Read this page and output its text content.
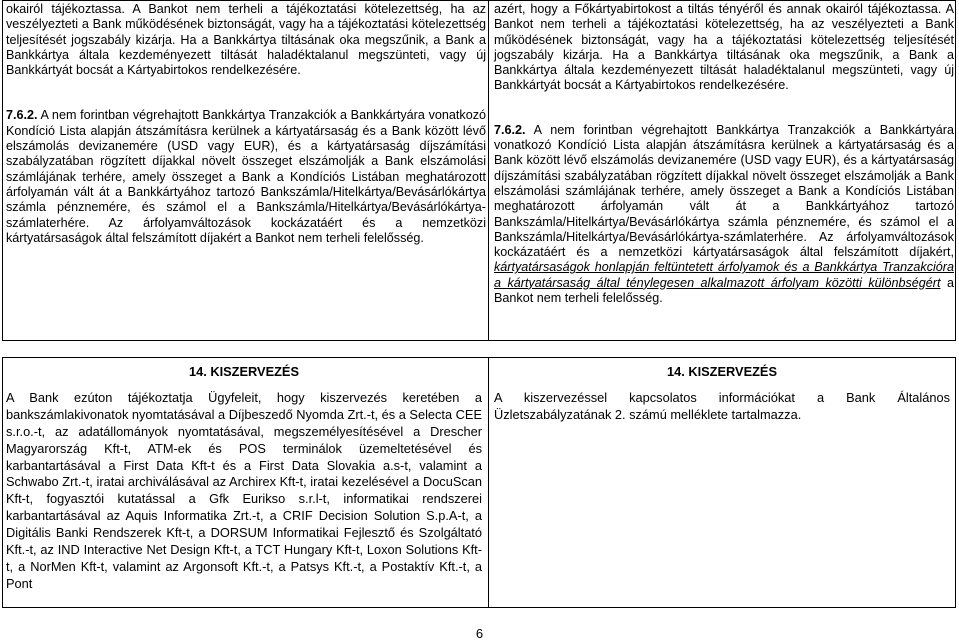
okairól tájékoztassa. A Bankot nem terheli a tájékoztatási kötelezettség, ha az veszélyezteti a Bank működésének biztonságát, vagy ha a tájékoztatási kötelezettség teljesítését jogszabály kizárja. Ha a Bankkártya tiltásának oka megszűnik, a Bank a Bankkártya általa kezdeményezett tiltását haladéktalanul megszünteti, vagy új Bankkártyát bocsát a Kártyabirtokos rendelkezésére.

7.6.2. A nem forintban végrehajtott Bankkártya Tranzakciók a Bankkártyára vonatkozó Kondíció Lista alapján átszámításra kerülnek a kártyatársaság és a Bank között lévő elszámolás devizanemére (USD vagy EUR), és a kártyatársaság díjszámítási szabályzatában rögzített díjakkal növelt összeget elszámolják a Bank elszámolási számlájának terhére, amely összeget a Bank a Kondíciós Listában meghatározott árfolyamán vált át a Bankkártyához tartozó Bankszámla/Hitelkártya/Bevásárlókártya számla pénznemére, és számol el a Bankszámla/Hitelkártya/Bevásárlókártya- számlaterhére. Az árfolyamváltozások kockázatáért és a nemzetközi kártyatársaságok által felszámított díjakért a Bankot nem terheli felelősség.

azért, hogy a Főkártyabirtokost a tiltás tényéről és annak okairól tájékoztassa. A Bankot nem terheli a tájékoztatási kötelezettség, ha az veszélyezteti a Bank működésének biztonságát, vagy ha a tájékoztatási kötelezettség teljesítését jogszabály kizárja. Ha a Bankkártya tiltásának oka megszűnik, a Bank a Bankkártya általa kezdeményezett tiltását haladéktalanul megszünteti, vagy új Bankkártyát bocsát a Kártyabirtokos rendelkezésére.

7.6.2. A nem forintban végrehajtott Bankkártya Tranzakciók a Bankkártyára vonatkozó Kondíció Lista alapján átszámításra kerülnek a kártyatársaság és a Bank között lévő elszámolás devizanemére (USD vagy EUR), és a kártyatársaság díjszámítási szabályzatában rögzített díjakkal növelt összeget elszámolják a Bank elszámolási számlájának terhére, amely összeget a Bank a Kondíciós Listában meghatározott árfolyamán vált át a Bankkártyához tartozó Bankszámla/Hitelkártya/Bevásárlókártya számla pénznemére, és számol el a Bankszámla/Hitelkártya/Bevásárlókártya-számlaterhére. Az árfolyamváltozások kockázatáért és a nemzetközi kártyatársaságok által felszámított díjakért, kártyatársaságok honlapján feltüntetett árfolyamok és a Bankkártya Tranzakcióra a kártyatársaság által ténylegesen alkalmazott árfolyam közötti különbségért a Bankot nem terheli felelősség.

14. KISZERVEZÉS

A Bank ezúton tájékoztatja Ügyfeleit, hogy kiszervezés keretében a bankszámlakivonatok nyomtatásával a Díjbeszedő Nyomda Zrt.-t, és a Selecta CEE s.r.o.-t, az adatállományok nyomtatásával, megszemélyesítésével a Drescher Magyarország Kft-t, ATM-ek és POS terminálok üzemeltetésével és karbantartásával a First Data Kft-t és a First Data Slovakia a.s-t, valamint a Schwabo Zrt.-t, iratai archiválásával az Archirex Kft-t, iratai kezelésével a DocuScan Kft-t, fogyasztói kutatással a Gfk Euriksо s.r.l-t, informatikai rendszerei karbantartásával az Aquis Informatika Zrt.-t, a CRIF Decision Solution S.p.A-t, a Digitális Banki Rendszerek Kft-t, a DORSUM Informatikai Fejlesztő és Szolgáltató Kft.-t, az IND Interactive Net Design Kft-t, a TCT Hungary Kft-t, Loxon Solutions Kft-t, a NorMen Kft-t, valamint az Argonsoft Kft.-t, a Patsys Kft.-t, a Postaktív Kft.-t, a Pont

14. KISZERVEZÉS

A kiszervezéssel kapcsolatos információkat a Bank Általános Üzletszabályzatának 2. számú melléklete tartalmazza.

6
